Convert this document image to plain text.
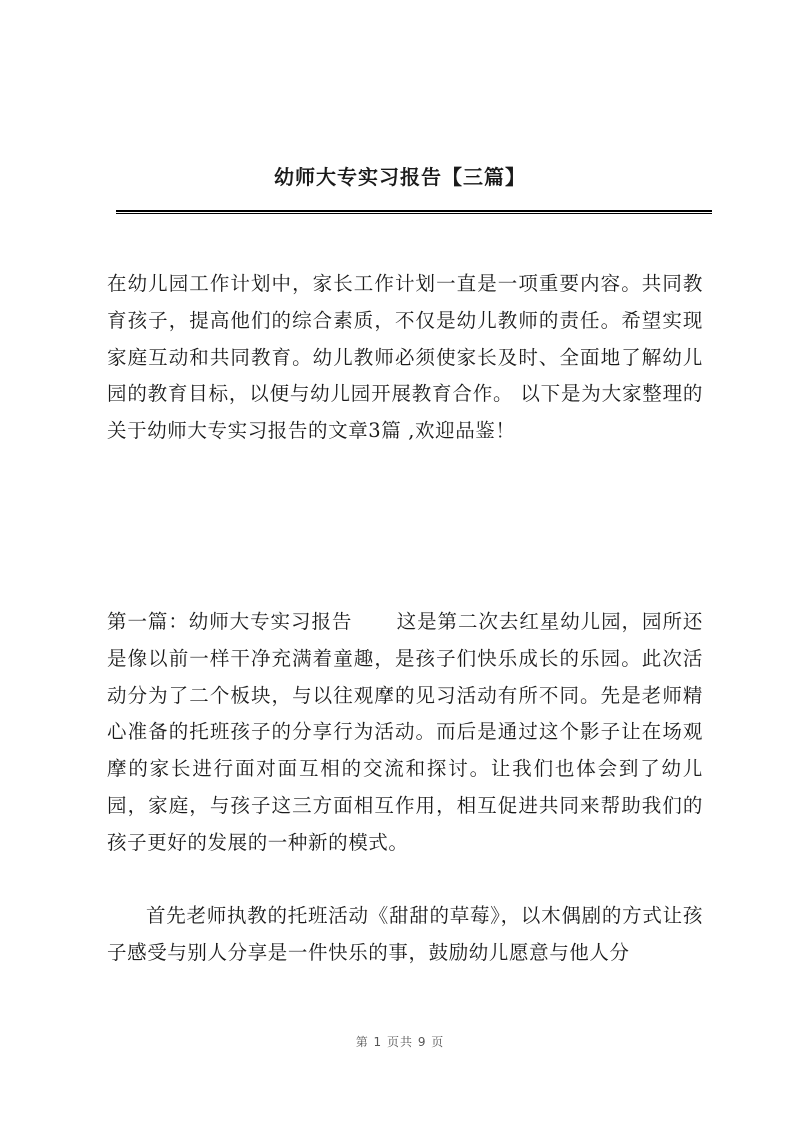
幼师大专实习报告【三篇】

在幼儿园工作计划中，家长工作计划一直是一项重要内容。共同教育孩子，提高他们的综合素质，不仅是幼儿教师的责任。希望实现家庭互动和共同教育。幼儿教师必须使家长及时、全面地了解幼儿园的教育目标，以便与幼儿园开展教育合作。 以下是为大家整理的关于幼师大专实习报告的文章3篇 ,欢迎品鉴！

第一篇：幼师大专实习报告 这是第二次去红星幼儿园，园所还是像以前一样干净充满着童趣，是孩子们快乐成长的乐园。此次活动分为了二个板块，与以往观摩的见习活动有所不同。先是老师精心准备的托班孩子的分享行为活动。而后是通过这个影子让在场观摩的家长进行面对面互相的交流和探讨。让我们也体会到了幼儿园，家庭，与孩子这三方面相互作用，相互促进共同来帮助我们的孩子更好的发展的一种新的模式。

首先老师执教的托班活动《甜甜的草莓》，以木偶剧的方式让孩子感受与别人分享是一件快乐的事，鼓励幼儿愿意与他人分

第 1 页共 9 页
